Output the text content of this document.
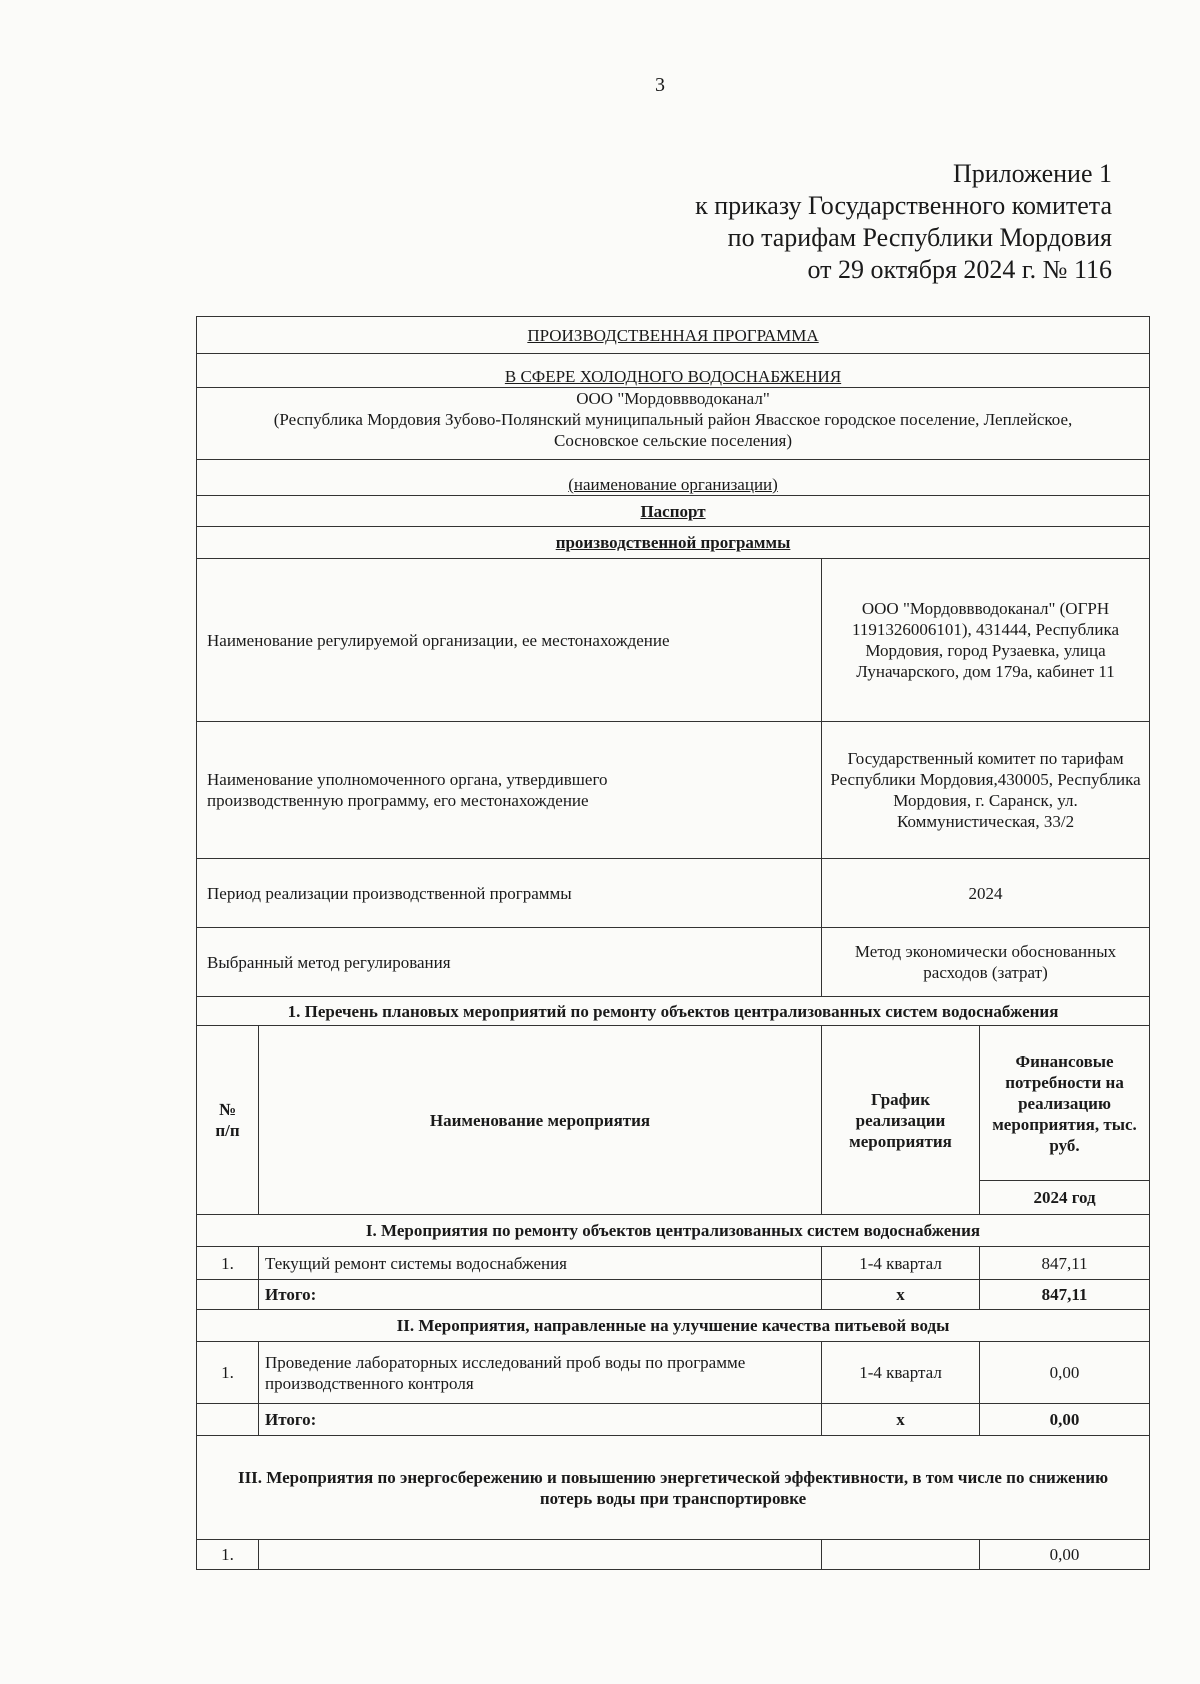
3
Приложение 1
к приказу Государственного комитета
по тарифам Республики Мордовия
от 29 октября 2024 г. № 116
ПРОИЗВОДСТВЕННАЯ ПРОГРАММА			
В СФЕРЕ ХОЛОДНОГО ВОДОСНАБЖЕНИЯ			

ООО "Мордоввводоканал"
(Республика Мордовия Зубово-Полянский муниципальный район Явасское городское поселение, Леплейское, Сосновское сельские поселения)			

(наименование организации)			
Паспорт			
производственной программы			
Наименование регулируемой организации, ее местонахождение		ООО "Мордоввводоканал" (ОГРН 1191326006101), 431444, Республика Мордовия, город Рузаевка, улица Луначарского, дом 179а, кабинет 11	

Наименование уполномоченного органа, утвердившего производственную программу, его местонахождение		Государственный комитет по тарифам Республики Мордовия,430005, Республика Мордовия, г. Саранск, ул. Коммунистическая, 33/2	
Период реализации производственной программы		2024	
Выбранный метод регулирования		Метод экономически обоснованных расходов (затрат)	
1. Перечень плановых мероприятий по ремонту объектов централизованных систем водоснабжения			

№ п/п	Наименование мероприятия	График реализации мероприятия	Финансовые потребности на реализацию мероприятия, тыс. руб.
			2024 год
I. Мероприятия по ремонту объектов централизованных систем водоснабжения			
1.	Текущий ремонт системы водоснабжения	1-4 квартал	847,11
	Итого:	х	847,11
II. Мероприятия, направленные на улучшение качества питьевой воды			
1.	Проведение лабораторных исследований проб воды по программе производственного контроля	1-4 квартал	0,00
	Итого:	х	0,00
III. Мероприятия по энергосбережению и повышению энергетической эффективности, в том числе по снижению потерь воды при транспортировке			
1.			0,00
